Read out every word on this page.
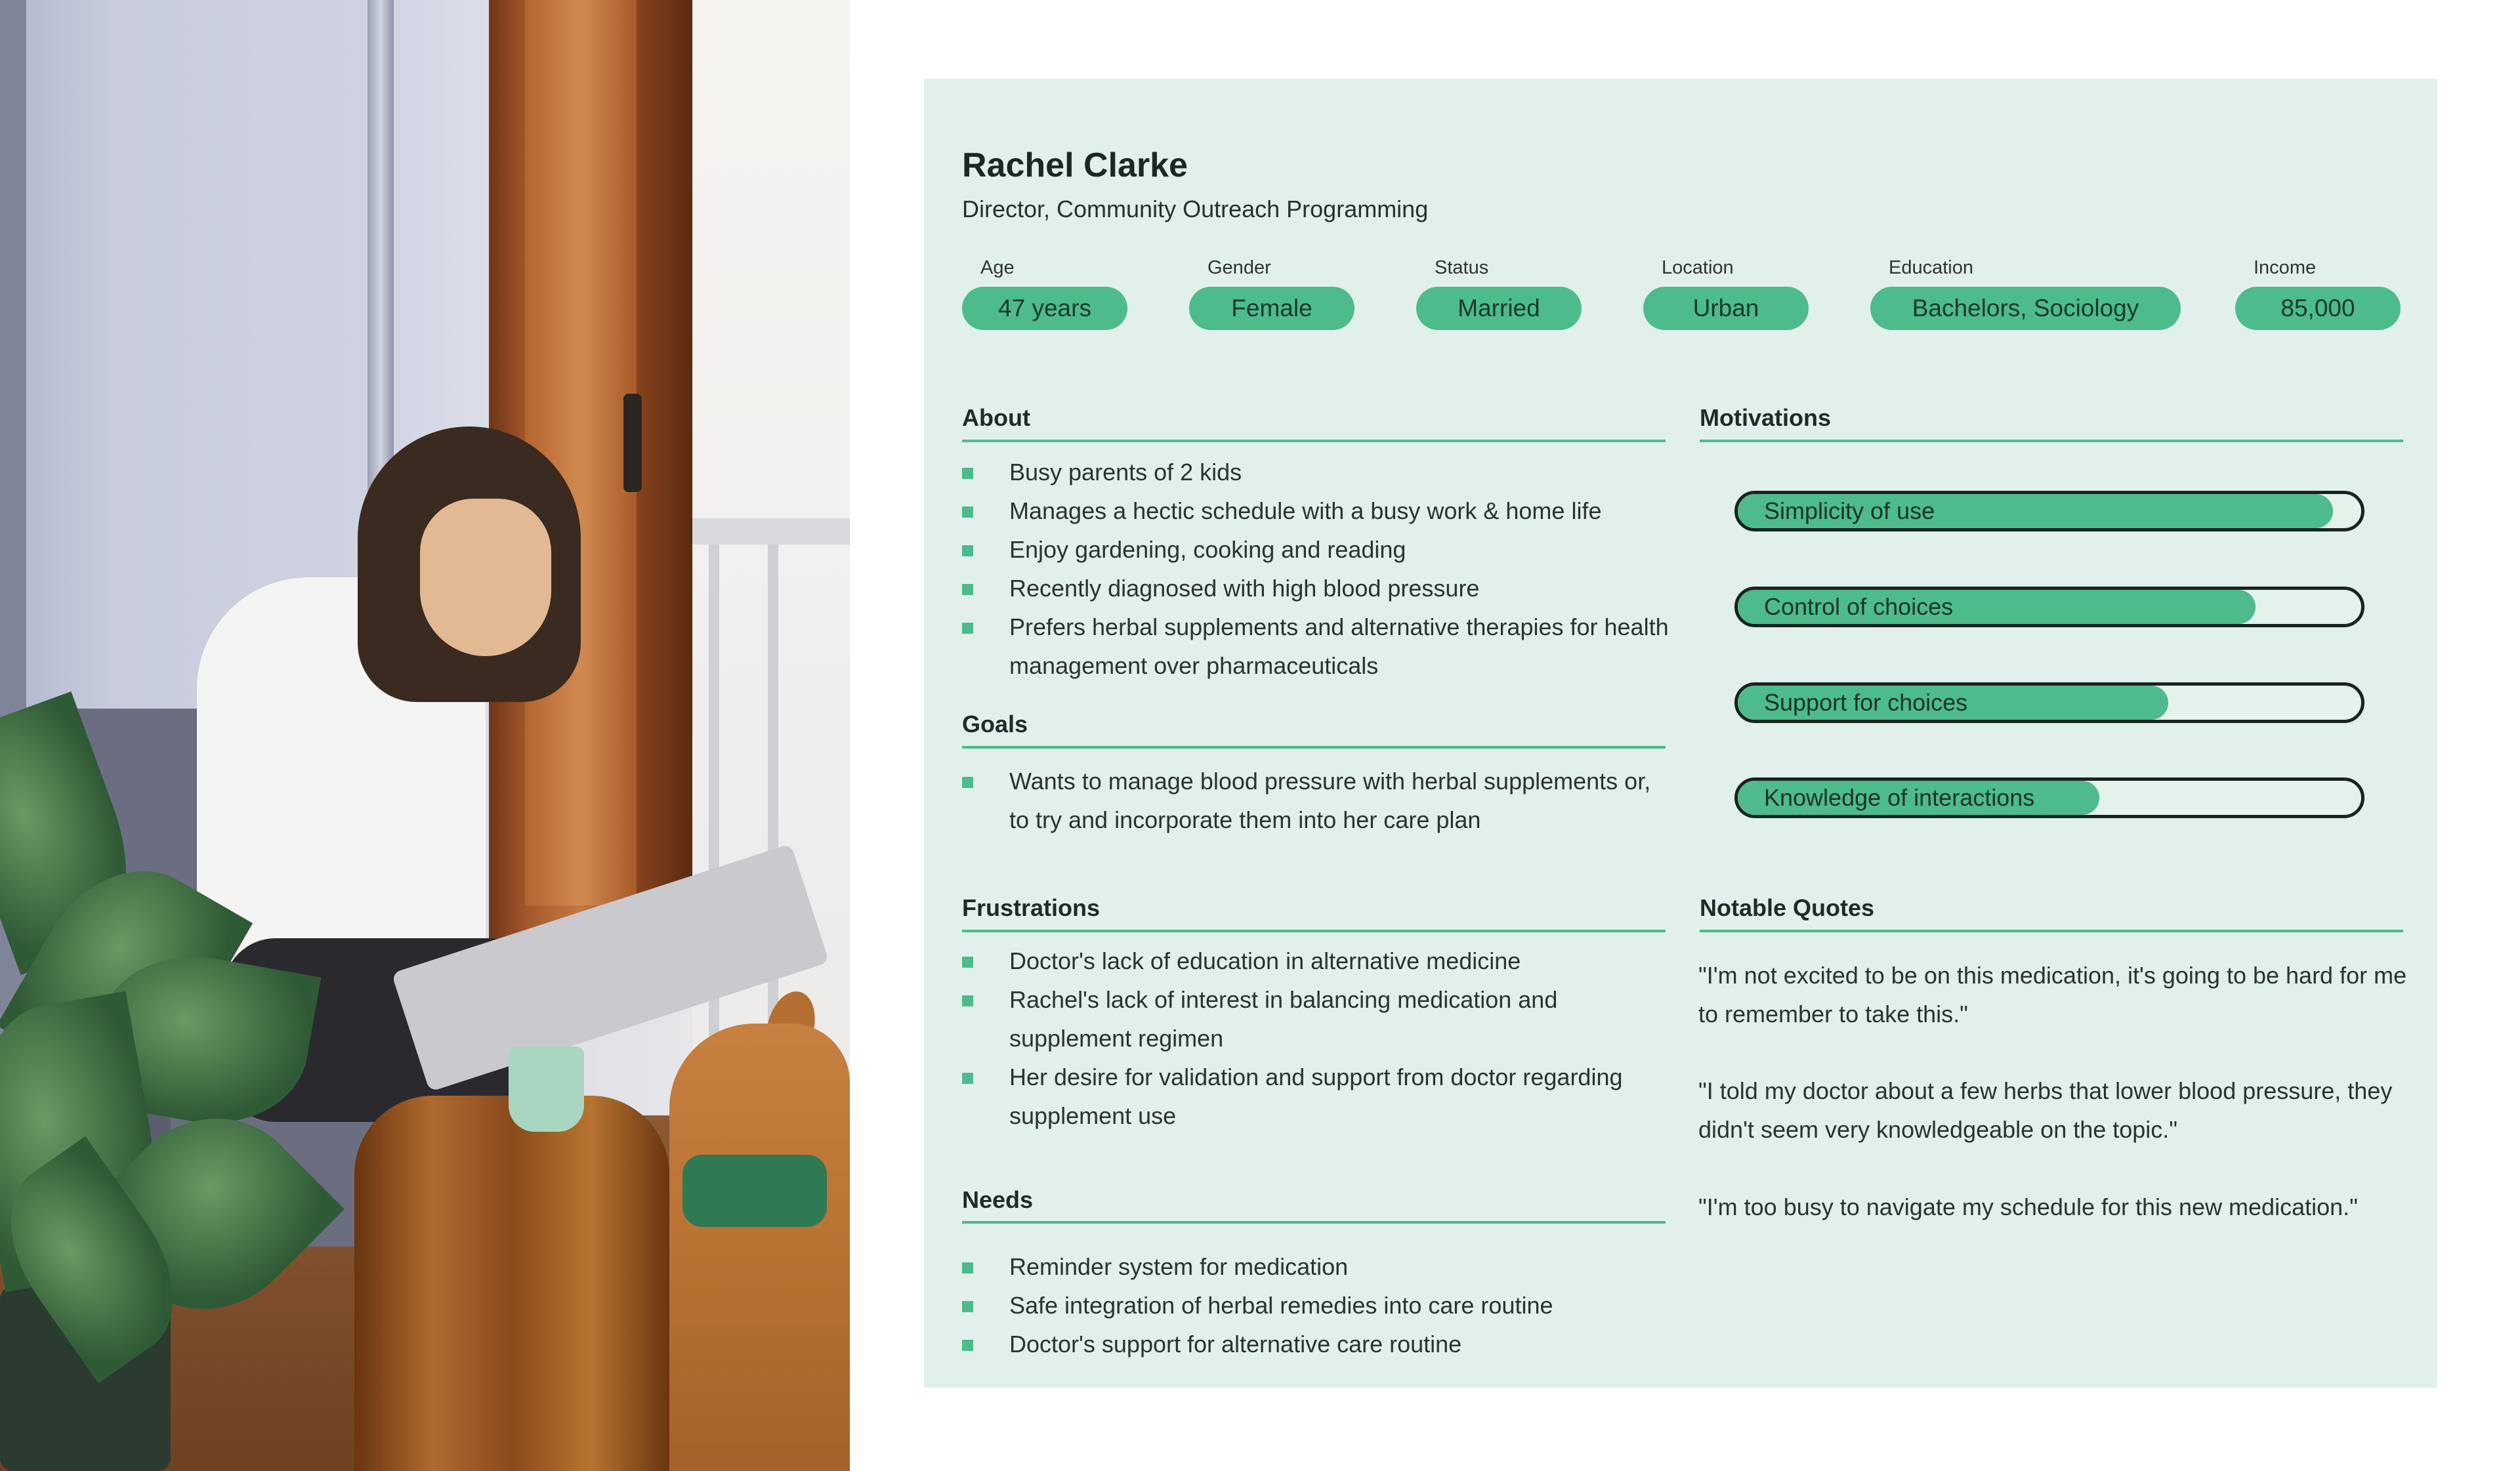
Rachel Clarke

Director, Community Outreach Programming

Age
47 years
Gender
Female
Status
Married
Location
Urban
Education
Bachelors, Sociology
Income
85,000
About
Busy parents of 2 kids
Manages a hectic schedule with a busy work & home life
Enjoy gardening, cooking and reading
Recently diagnosed with high blood pressure
Prefers herbal supplements and alternative therapies for health management over pharmaceuticals
Goals
Wants to manage blood pressure with herbal supplements or, to try and incorporate them into her care plan
Frustrations
Doctor's lack of education in alternative medicine
Rachel's lack of interest in balancing medication and supplement regimen
Her desire for validation and support from doctor regarding supplement use
Needs
Reminder system for medication
Safe integration of herbal remedies into care routine
Doctor's support for alternative care routine
Motivations
Simplicity of use
Control of choices
Support for choices
Knowledge of interactions
Notable Quotes

"I'm not excited to be on this medication, it's going to be hard for me to remember to take this."

"I told my doctor about a few herbs that lower blood pressure, they didn't seem very knowledgeable on the topic."

"I'm too busy to navigate my schedule for this new medication."
